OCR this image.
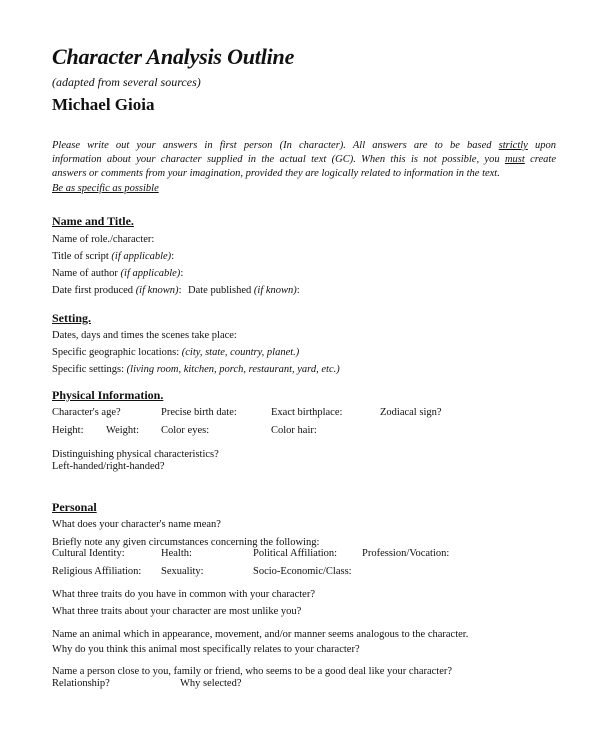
Character Analysis Outline
(adapted from several sources)
Michael Gioia
Please write out your answers in first person (In character). All answers are to be based strictly upon
information about your character supplied in the actual text (GC). When this is not possible, you must create
answers or comments from your imagination, provided they are logically related to information in the text.
Be as specific as possible
Name and Title.
Name of role./character:
Title of script (if applicable):
Name of author (if applicable):
Date first produced (if known): Date published (if known):
Setting.
Dates, days and times the scenes take place:
Specific geographic locations: (city, state, country, planet.)
Specific settings: (living room, kitchen, porch, restaurant, yard, etc.)
Physical Information.
Character's age?	Precise birth date:	Exact birthplace:	Zodiacal sign?
Height: Weight: Color eyes:	Color hair:
Distinguishing physical characteristics?
Left-handed/right-handed?
Personal
What does your character's name mean?
Briefly note any given circumstances concerning the following:
Cultural Identity:	Health:	Political Affiliation: Profession/Vocation:
Religious Affiliation: Sexuality:	Socio-Economic/Class:
What three traits do you have in common with your character?
What three traits about your character are most unlike you?
Name an animal which in appearance, movement, and/or manner seems analogous to the character.
Why do you think this animal most specifically relates to your character?
Name a person close to you, family or friend, who seems to be a good deal like your character?
Relationship?	Why selected?
